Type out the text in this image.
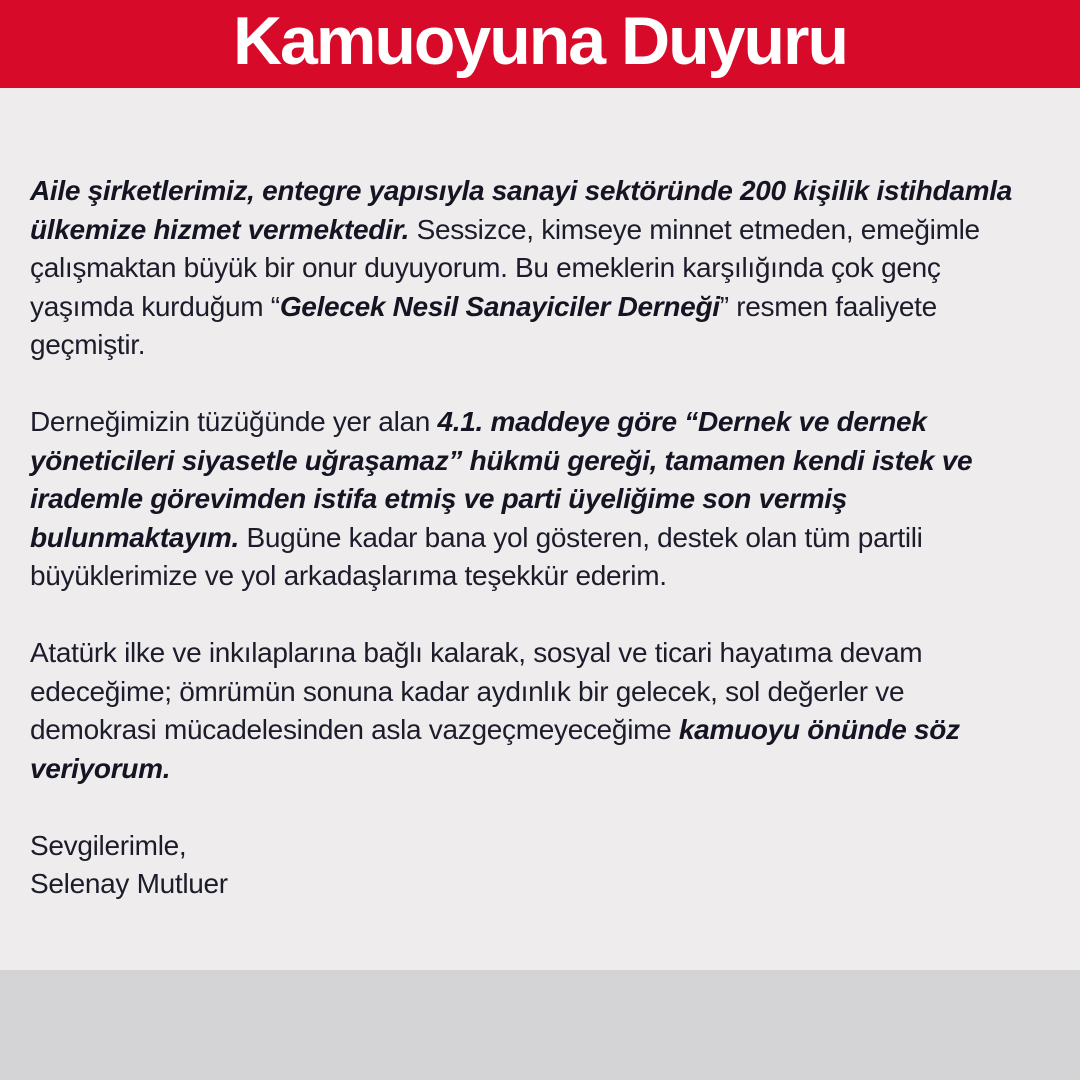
Kamuoyuna Duyuru

Aile şirketlerimiz, entegre yapısıyla sanayi sektöründe 200 kişilik istihdamla ülkemize hizmet vermektedir. Sessizce, kimseye minnet etmeden, emeğimle çalışmaktan büyük bir onur duyuyorum. Bu emeklerin karşılığında çok genç yaşımda kurduğum “Gelecek Nesil Sanayiciler Derneği” resmen faaliyete geçmiştir.

Derneğimizin tüzüğünde yer alan 4.1. maddeye göre “Dernek ve dernek yöneticileri siyasetle uğraşamaz” hükmü gereği, tamamen kendi istek ve irademle görevimden istifa etmiş ve parti üyeliğime son vermiş bulunmaktayım. Bugüne kadar bana yol gösteren, destek olan tüm partili büyüklerimize ve yol arkadaşlarıma teşekkür ederim.

Atatürk ilke ve inkılaplarına bağlı kalarak, sosyal ve ticari hayatıma devam edeceğime; ömrümün sonuna kadar aydınlık bir gelecek, sol değerler ve demokrasi mücadelesinden asla vazgeçmeyeceğime kamuoyu önünde söz veriyorum.

Sevgilerimle,
Selenay Mutluer
